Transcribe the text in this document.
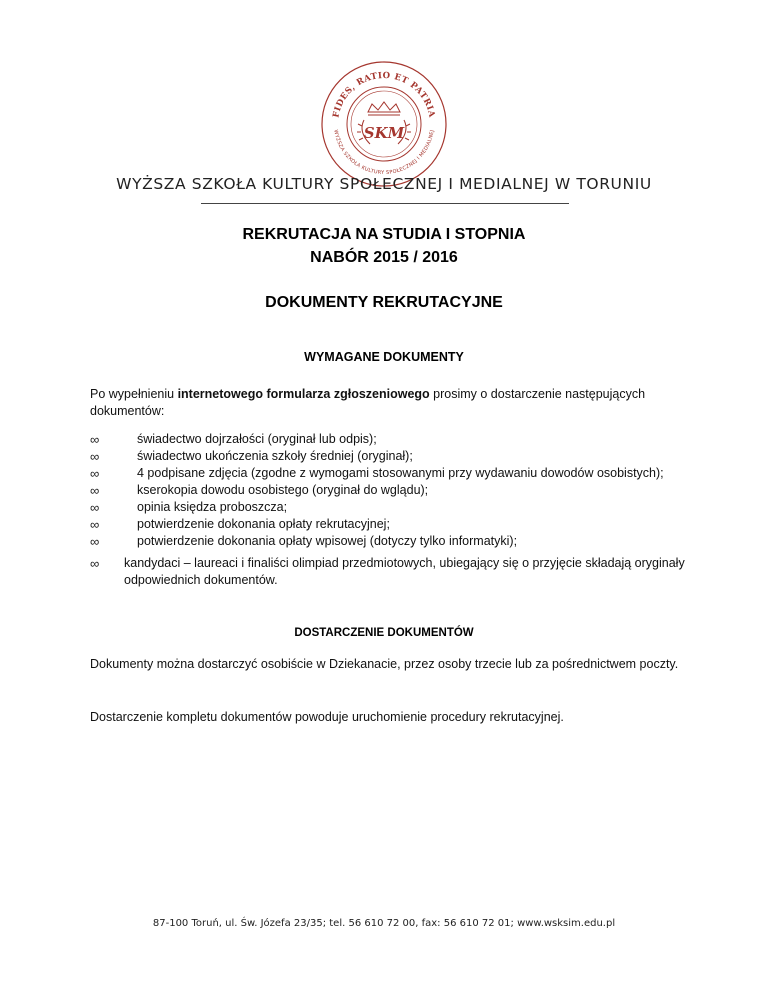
FIDES, RATIO ET PATRIA
WYŻSZA SZKOŁA KULTURY SPOŁECZNEJ I MEDIALNEJ
SKM
WYŻSZA SZKOŁA KULTURY SPOŁECZNEJ I MEDIALNEJ W TORUNIU
REKRUTACJA NA STUDIA I STOPNIA
NABÓR 2015 / 2016
DOKUMENTY REKRUTACYJNE
WYMAGANE DOKUMENTY
Po wypełnieniu internetowego formularza zgłoszeniowego prosimy o dostarczenie następujących dokumentów:
∞	świadectwo dojrzałości (oryginał lub odpis);
∞	świadectwo ukończenia szkoły średniej (oryginał);
∞	4 podpisane zdjęcia (zgodne z wymogami stosowanymi przy wydawaniu dowodów osobistych);
∞	kserokopia dowodu osobistego (oryginał do wglądu);
∞	opinia księdza proboszcza;
∞	potwierdzenie dokonania opłaty rekrutacyjnej;
∞	potwierdzenie dokonania opłaty wpisowej (dotyczy tylko informatyki);
∞ kandydaci – laureaci i finaliści olimpiad przedmiotowych, ubiegający się o przyjęcie składają oryginały odpowiednich dokumentów.
DOSTARCZENIE DOKUMENTÓW
Dokumenty można dostarczyć osobiście w Dziekanacie, przez osoby trzecie lub za pośrednictwem poczty.
Dostarczenie kompletu dokumentów powoduje uruchomienie procedury rekrutacyjnej.
87-100 Toruń, ul. Św. Józefa 23/35; tel. 56 610 72 00, fax: 56 610 72 01; www.wsksim.edu.pl
